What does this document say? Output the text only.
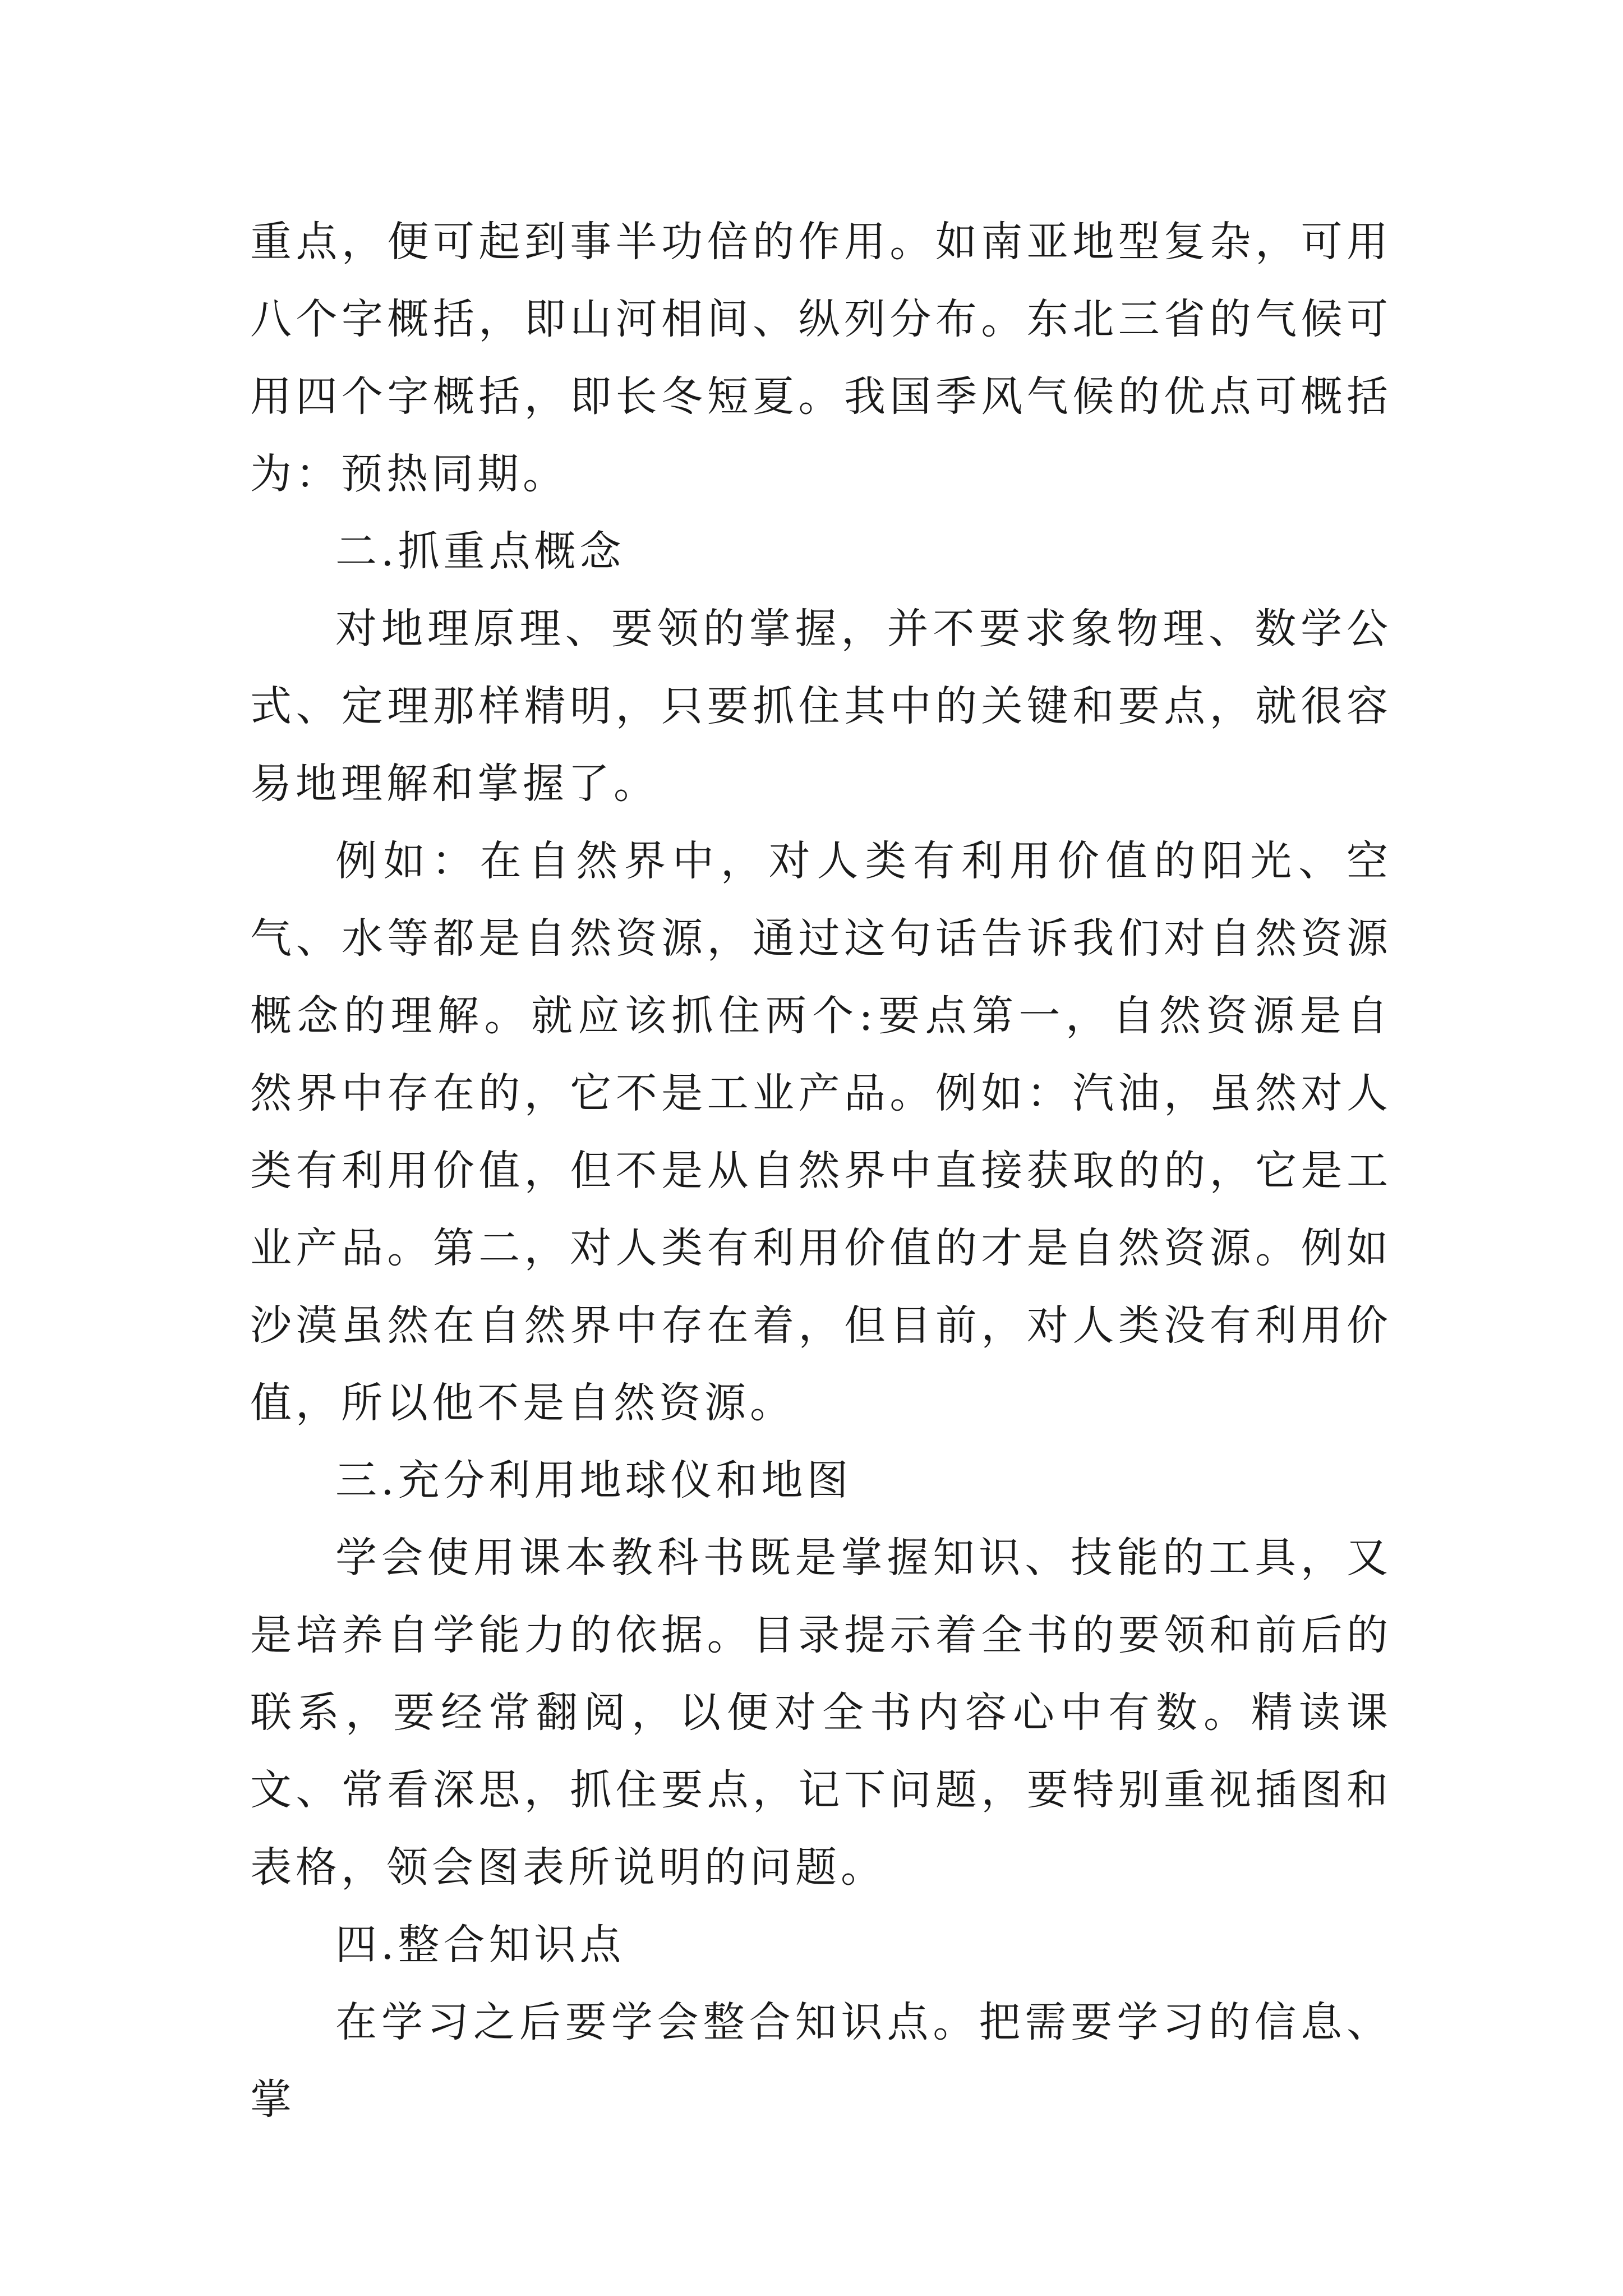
重点，便可起到事半功倍的作用。如南亚地型复杂，可用八个字概括，即山河相间、纵列分布。东北三省的气候可用四个字概括，即长冬短夏。我国季风气候的优点可概括为：预热同期。

二.抓重点概念

对地理原理、要领的掌握，并不要求象物理、数学公式、定理那样精明，只要抓住其中的关键和要点，就很容易地理解和掌握了。

例如：在自然界中，对人类有利用价值的阳光、空气、水等都是自然资源，通过这句话告诉我们对自然资源概念的理解。就应该抓住两个:要点第一，自然资源是自然界中存在的，它不是工业产品。例如：汽油，虽然对人类有利用价值，但不是从自然界中直接获取的的，它是工业产品。第二，对人类有利用价值的才是自然资源。例如沙漠虽然在自然界中存在着，但目前，对人类没有利用价值，所以他不是自然资源。

三.充分利用地球仪和地图

学会使用课本教科书既是掌握知识、技能的工具，又是培养自学能力的依据。目录提示着全书的要领和前后的联系，要经常翻阅，以便对全书内容心中有数。精读课文、常看深思，抓住要点，记下问题，要特别重视插图和表格，领会图表所说明的问题。

四.整合知识点

在学习之后要学会整合知识点。把需要学习的信息、掌
